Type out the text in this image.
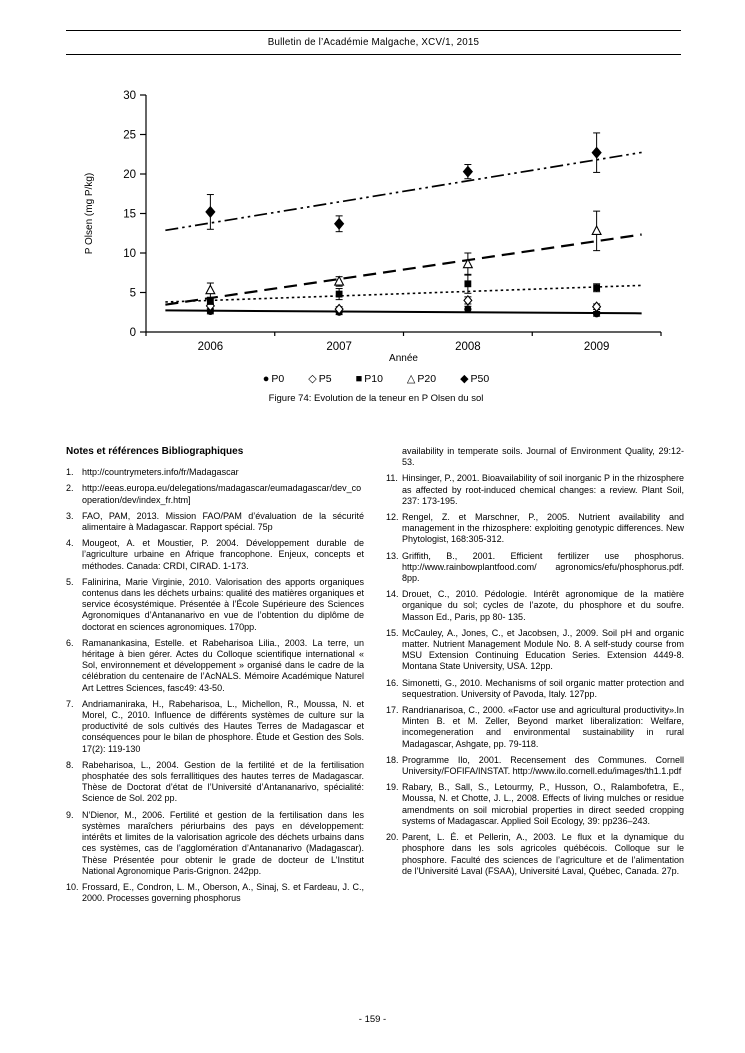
Bulletin de l’Académie Malgache, XCV/1, 2015
0
5
10
15
20
25
30
2006	2007	2008	2009
Année
P Olsen (mg P/kg)
● P0 ◇ P5 ■ P10 △ P20 ◆ P50
Figure 74: Evolution de la teneur en P Olsen du sol
Notes et références Bibliographiques
1. http://countrymeters.info/fr/Madagascar
2. http://eeas.europa.eu/delegations/madagascar/eumadagascar/dev_cooperation/dev/index_fr.htm]
3. FAO, PAM, 2013. Mission FAO/PAM d’évaluation de la sécurité alimentaire à Madagascar. Rapport spécial. 75p
4. Mougeot, A. et Moustier, P. 2004. Développement durable de l’agriculture urbaine en Afrique francophone. Enjeux, concepts et méthodes. Canada: CRDI, CIRAD. 1-173.
5. Falinirina, Marie Virginie, 2010. Valorisation des apports organiques contenus dans les déchets urbains: qualité des matières organiques et service écosystémique. Présentée à l’École Supérieure des Sciences Agronomiques d’Antananarivo en vue de l’obtention du diplôme de doctorat en sciences agronomiques. 170pp.
6. Ramanankasina, Estelle. et Rabeharisoa Lilia., 2003. La terre, un héritage à bien gérer. Actes du Colloque scientifique international « Sol, environnement et développement » organisé dans le cadre de la célébration du centenaire de l’AcNALS. Mémoire Académique Naturel Art Lettres Sciences, fasc49: 43-50.
7. Andriamaniraka, H., Rabeharisoa, L., Michellon, R., Moussa, N. et Morel, C., 2010. Influence de différents systèmes de culture sur la productivité de sols cultivés des Hautes Terres de Madagascar et conséquences pour le bilan de phosphore. Étude et Gestion des Sols. 17(2): 119-130
8. Rabeharisoa, L., 2004. Gestion de la fertilité et de la fertilisation phosphatée des sols ferrallitiques des hautes terres de Madagascar. Thèse de Doctorat d’état de l’Université d’Antananarivo, spécialité: Science de Sol. 202 pp.
9. N’Dienor, M., 2006. Fertilité et gestion de la fertilisation dans les systèmes maraîchers périurbains des pays en développement: intérêts et limites de la valorisation agricole des déchets urbains dans ces systèmes, cas de l’agglomération d’Antananarivo (Madagascar). Thèse Présentée pour obtenir le grade de docteur de L’Institut National Agronomique Paris-Grignon. 242pp.
10. Frossard, E., Condron, L. M., Oberson, A., Sinaj, S. et Fardeau, J. C., 2000. Processes governing phosphorus
availability in temperate soils. Journal of Environment Quality, 29:12-53.
11. Hinsinger, P., 2001. Bioavailability of soil inorganic P in the rhizosphere as affected by root-induced chemical changes: a review. Plant Soil, 237: 173-195.
12. Rengel, Z. et Marschner, P., 2005. Nutrient availability and management in the rhizosphere: exploiting genotypic differences. New Phytologist, 168:305-312.
13. Griffith, B., 2001. Efficient fertilizer use phosphorus. http://www.rainbowplantfood.com/ agronomics/efu/phosphorus.pdf. 8pp.
14. Drouet, C., 2010. Pédologie. Intérêt agronomique de la matière organique du sol; cycles de l’azote, du phosphore et du soufre. Masson Ed., Paris, pp 80- 135.
15. McCauley, A., Jones, C., et Jacobsen, J., 2009. Soil pH and organic matter. Nutrient Management Module No. 8. A self-study course from MSU Extension Continuing Education Series. Extension 4449-8. Montana State University, USA. 12pp.
16. Simonetti, G., 2010. Mechanisms of soil organic matter protection and sequestration. University of Pavoda, Italy. 127pp.
17. Randrianarisoa, C., 2000. «Factor use and agricultural productivity».In Minten B. et M. Zeller, Beyond market liberalization: Welfare, incomegeneration and environmental sustainability in rural Madagascar, Ashgate, pp. 79-118.
18. Programme Ilo, 2001. Recensement des Communes. Cornell University/FOFIFA/INSTAT. http://www.ilo.cornell.edu/images/th1.1.pdf
19. Rabary, B., Sall, S., Letourmy, P., Husson, O., Ralambofetra, E., Moussa, N. et Chotte, J. L., 2008. Effects of living mulches or residue amendments on soil microbial properties in direct seeded cropping systems of Madagascar. Applied Soil Ecology, 39: pp236–243.
20. Parent, L. É. et Pellerin, A., 2003. Le flux et la dynamique du phosphore dans les sols agricoles québécois. Colloque sur le phosphore. Faculté des sciences de l’agriculture et de l’alimentation de l’Université Laval (FSAA), Université Laval, Québec, Canada. 27p.
- 159 -
